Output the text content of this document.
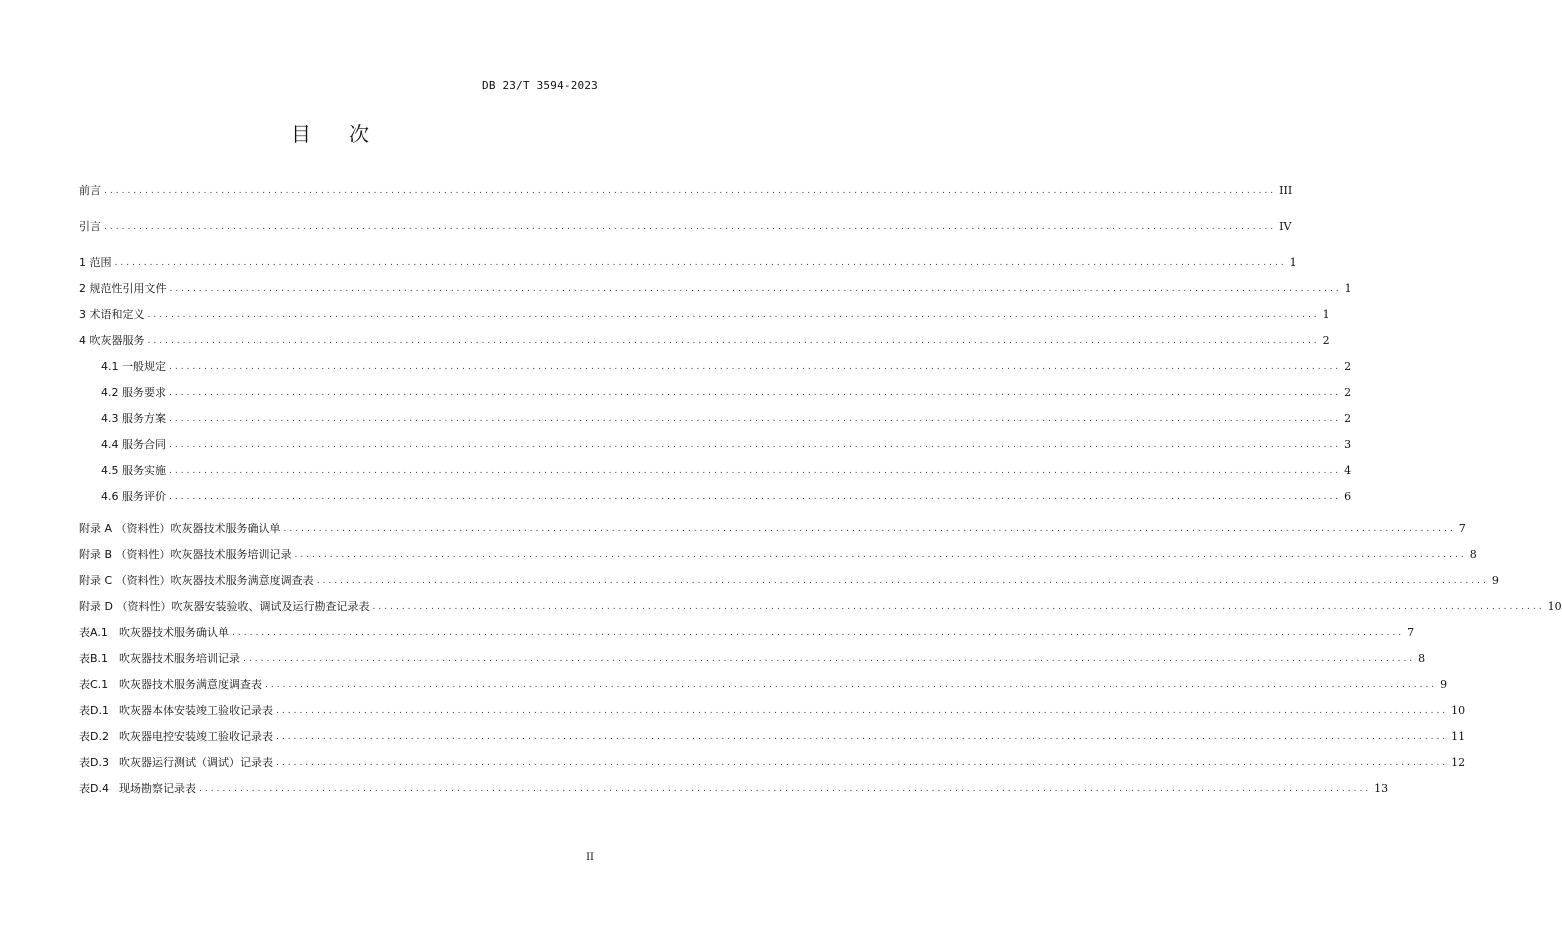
DB 23/T 3594-2023
目 次
前言 ........................................................................................................................................................................................................ III
引言 ........................................................................................................................................................................................................ IV
1 范围 ........................................................................................................................................................................................................ 1
2 规范性引用文件 ........................................................................................................................................................................................................ 1
3 术语和定义 ........................................................................................................................................................................................................ 1
4 吹灰器服务 ........................................................................................................................................................................................................ 2
4.1 一般规定 ........................................................................................................................................................................................................ 2
4.2 服务要求 ........................................................................................................................................................................................................ 2
4.3 服务方案 ........................................................................................................................................................................................................ 2
4.4 服务合同 ........................................................................................................................................................................................................ 3
4.5 服务实施 ........................................................................................................................................................................................................ 4
4.6 服务评价 ........................................................................................................................................................................................................ 6
附录 A （资料性）吹灰器技术服务确认单 ........................................................................................................................................................................................................ 7
附录 B （资料性）吹灰器技术服务培训记录 ........................................................................................................................................................................................................ 8
附录 C （资料性）吹灰器技术服务满意度调查表 ........................................................................................................................................................................................................ 9
附录 D （资料性）吹灰器安装验收、调试及运行勘查记录表 ........................................................................................................................................................................................................ 10
表A.1	吹灰器技术服务确认单 ........................................................................................................................................................................................................ 7
表B.1 吹灰器技术服务培训记录 ........................................................................................................................................................................................................ 8
表C.1 吹灰器技术服务满意度调查表 ........................................................................................................................................................................................................ 9
表D.1 吹灰器本体安装竣工验收记录表 ........................................................................................................................................................................................................ 10
表D.2 吹灰器电控安装竣工验收记录表 ........................................................................................................................................................................................................ 11
表D.3 吹灰器运行测试（调试）记录表 ........................................................................................................................................................................................................ 12
表D.4 现场勘察记录表 ........................................................................................................................................................................................................ 13
II
